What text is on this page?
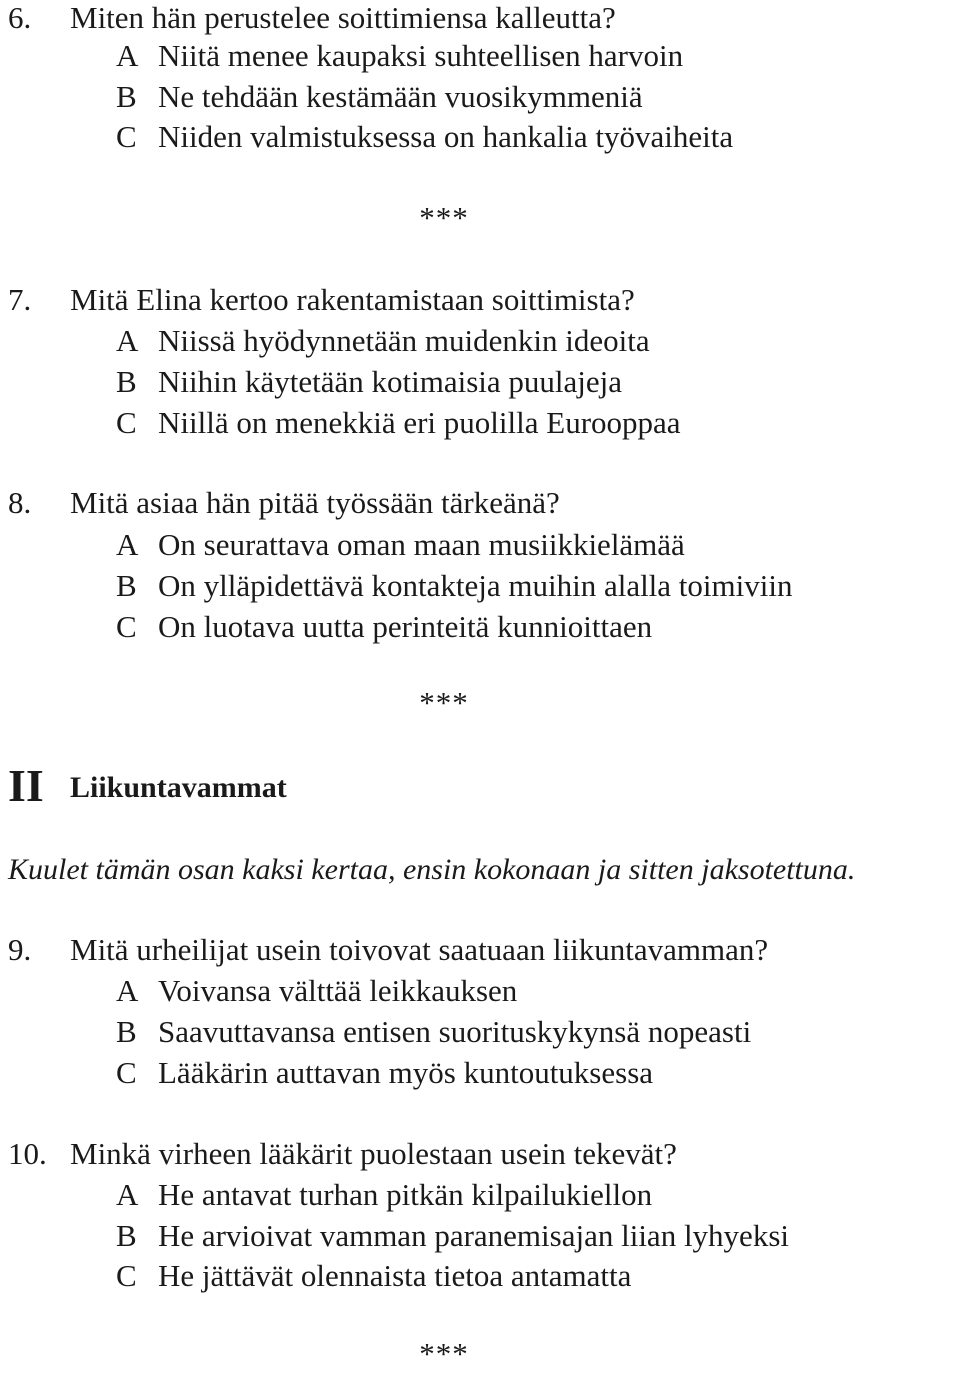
6. Miten hän perustelee soittimiensa kalleutta?
A Niitä menee kaupaksi suhteellisen harvoin
B Ne tehdään kestämään vuosikymmeniä
C Niiden valmistuksessa on hankalia työvaiheita
***
7. Mitä Elina kertoo rakentamistaan soittimista?
A Niissä hyödynnetään muidenkin ideoita
B Niihin käytetään kotimaisia puulajeja
C Niillä on menekkiä eri puolilla Eurooppaa
8. Mitä asiaa hän pitää työssään tärkeänä?
A On seurattava oman maan musiikkielämää
B On ylläpidettävä kontakteja muihin alalla toimiviin
C On luotava uutta perinteitä kunnioittaen
***
II Liikuntavammat
Kuulet tämän osan kaksi kertaa, ensin kokonaan ja sitten jaksotettuna.
9. Mitä urheilijat usein toivovat saatuaan liikuntavamman?
A Voivansa välttää leikkauksen
B Saavuttavansa entisen suorituskykynsä nopeasti
C Lääkärin auttavan myös kuntoutuksessa
10. Minkä virheen lääkärit puolestaan usein tekevät?
A He antavat turhan pitkän kilpailukiellon
B He arvioivat vamman paranemisajan liian lyhyeksi
C He jättävät olennaista tietoa antamatta
***
